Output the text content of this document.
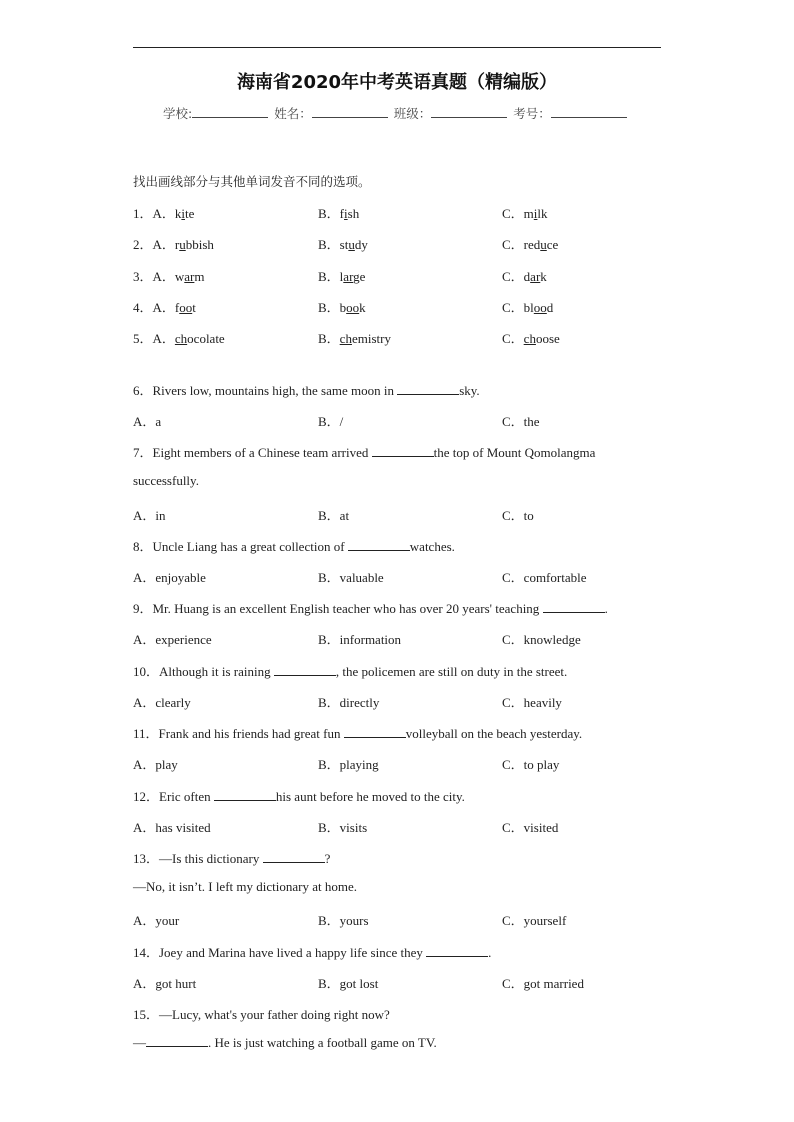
海南省2020年中考英语真题（精编版）
学校:	姓名：	班级：	考号：
找出画线部分与其他单词发音不同的选项。
1．A．kite	B．fish	C．milk
2．A．rubbish	B．study	C．reduce
3．A．warm	B．large	C．dark
4．A．foot	B．book	C．blood
5．A．chocolate	B．chemistry	C．choose
6．Rivers low, mountains high, the same moon in	sky.
A．a	B．/	C．the
7．Eight members of a Chinese team arrived	the top of Mount Qomolangma
successfully.
A．in	B．at	C．to
8．Uncle Liang has a great collection of	watches.
A．enjoyable	B．valuable	C．comfortable
9．Mr. Huang is an excellent English teacher who has over 20 years' teaching	.
A．experience	B．information	C．knowledge
10．Although it is raining	, the policemen are still on duty in the street.
A．clearly	B．directly	C．heavily
11．Frank and his friends had great fun	volleyball on the beach yesterday.
A．play	B．playing	C．to play
12．Eric often	his aunt before he moved to the city.
A．has visited	B．visits	C．visited
13．—Is this dictionary	?
—No, it isn’t. I left my dictionary at home.
A．your	B．yours	C．yourself
14．Joey and Marina have lived a happy life since they	.
A．got hurt	B．got lost	C．got married
15．—Lucy, what's your father doing right now?
—	. He is just watching a football game on TV.
